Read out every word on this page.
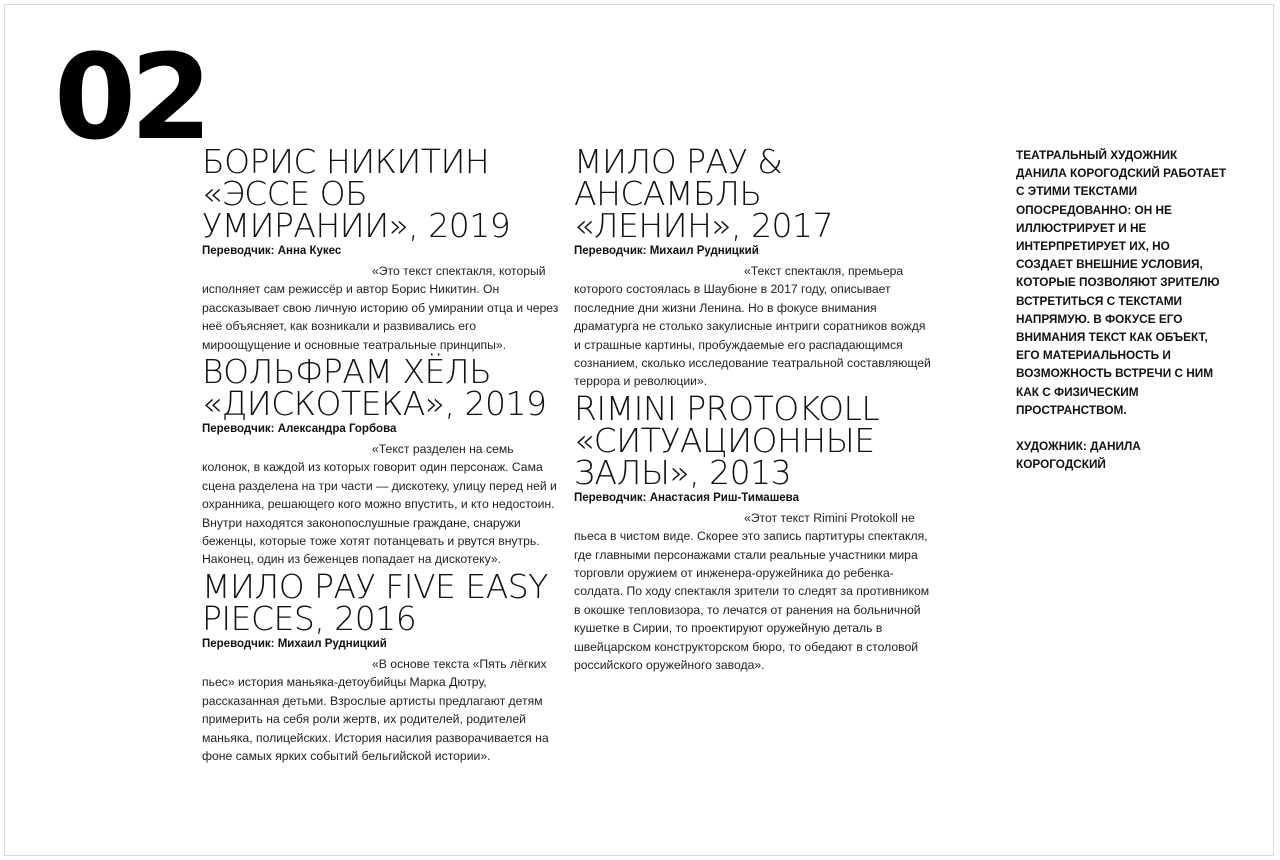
02
БОРИС НИКИТИН «ЭССЕ ОБ УМИРАНИИ», 2019

Переводчик: Анна Кукес

«Это текст спектакля, который исполняет сам режиссёр и автор Борис Никитин. Он рассказывает свою личную историю об умирании отца и через неё объясняет, как возникали и развивались его мироощущение и основные театральные принципы».

ВОЛЬФРАМ ХЁЛЬ «ДИСКОТЕКА», 2019

Переводчик: Александра Горбова

«Текст разделен на семь колонок, в каждой из которых говорит один персонаж. Сама сцена разделена на три части — дискотеку, улицу перед ней и охранника, решающего кого можно впустить, и кто недостоин. Внутри находятся законопослушные граждане, снаружи беженцы, которые тоже хотят потанцевать и рвутся внутрь. Наконец, один из беженцев попадает на дискотеку».

МИЛО РАУ FIVE EASY PIECES, 2016

Переводчик: Михаил Рудницкий

«В основе текста «Пять лёгких пьес» история маньяка-детоубийцы Марка Дютру, рассказанная детьми. Взрослые артисты предлагают детям примерить на себя роли жертв, их родителей, родителей маньяка, полицейских. История насилия разворачивается на фоне самых ярких событий бельгийской истории».

МИЛО РАУ & АНСАМБЛЬ «ЛЕНИН», 2017

Переводчик: Михаил Рудницкий

«Текст спектакля, премьера которого состоялась в Шаубюне в 2017 году, описывает последние дни жизни Ленина. Но в фокусе внимания драматурга не столько закулисные интриги соратников вождя и страшные картины, пробуждаемые его распадающимся сознанием, сколько исследование театральной составляющей террора и революции».

RIMINI PROTOKOLL «СИТУАЦИОННЫЕ ЗАЛЫ», 2013

Переводчик: Анастасия Риш-Тимашева

«Этот текст Rimini Protokoll не пьеса в чистом виде. Скорее это запись партитуры спектакля, где главными персонажами стали реальные участники мира торговли оружием от инженера-оружейника до ребенка-солдата. По ходу спектакля зрители то следят за противником в окошке тепловизора, то лечатся от ранения на больничной кушетке в Сирии, то проектируют оружейную деталь в швейцарском конструкторском бюро, то обедают в столовой российского оружейного завода».

ТЕАТРАЛЬНЫЙ ХУДОЖНИК ДАНИЛА КОРОГОДСКИЙ РАБОТАЕТ С ЭТИМИ ТЕКСТАМИ ОПОСРЕДОВАННО: ОН НЕ ИЛЛЮСТРИРУЕТ И НЕ ИНТЕРПРЕТИРУЕТ ИХ, НО СОЗДАЕТ ВНЕШНИЕ УСЛОВИЯ, КОТОРЫЕ ПОЗВОЛЯЮТ ЗРИТЕЛЮ ВСТРЕТИТЬСЯ С ТЕКСТАМИ НАПРЯМУЮ. В ФОКУСЕ ЕГО ВНИМАНИЯ ТЕКСТ КАК ОБЪЕКТ, ЕГО МАТЕРИАЛЬНОСТЬ И ВОЗМОЖНОСТЬ ВСТРЕЧИ С НИМ КАК С ФИЗИЧЕСКИМ ПРОСТРАНСТВОМ.

ХУДОЖНИК: ДАНИЛА КОРОГОДСКИЙ
